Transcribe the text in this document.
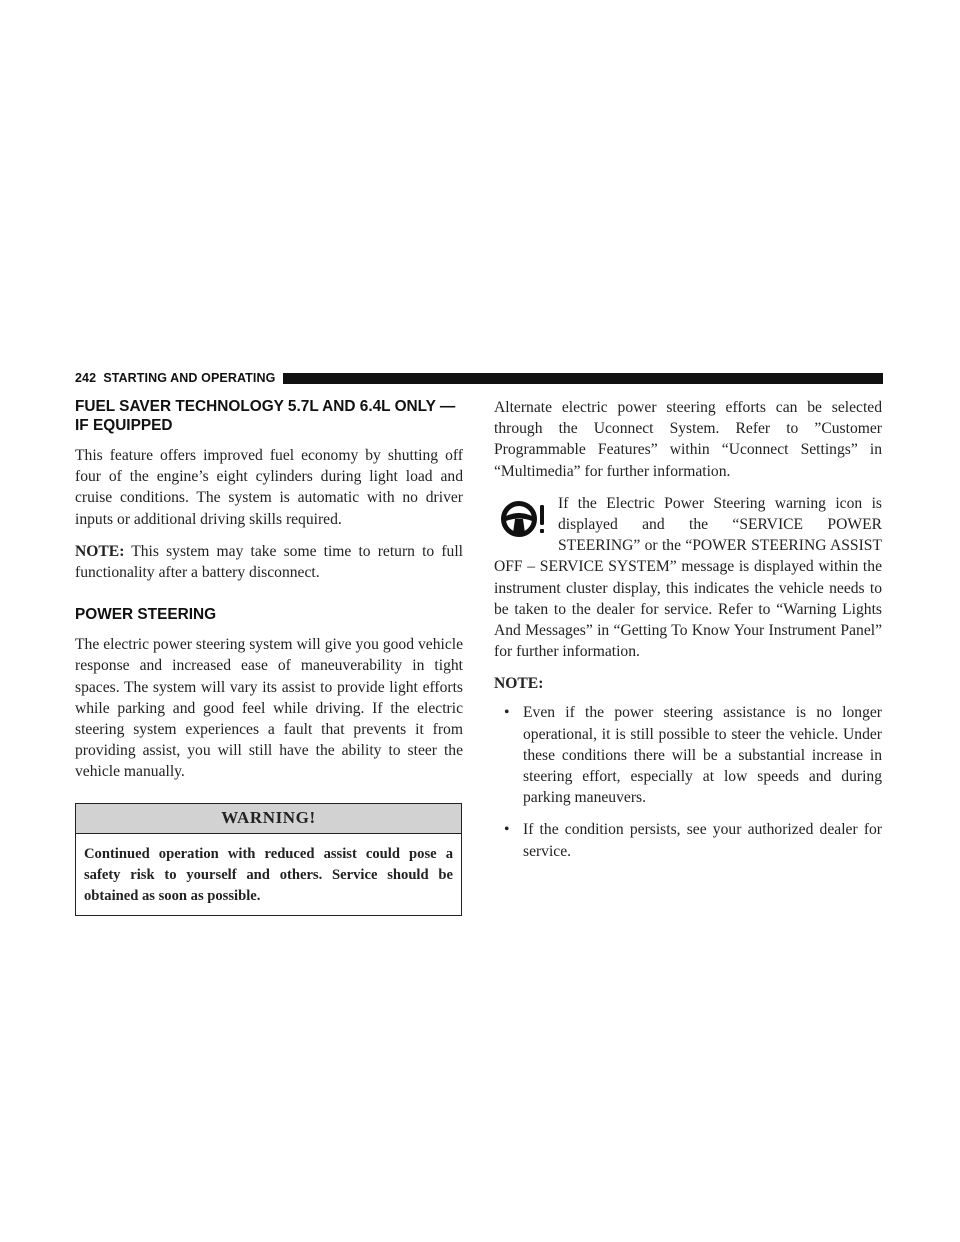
242 STARTING AND OPERATING
FUEL SAVER TECHNOLOGY 5.7L AND 6.4L ONLY — IF EQUIPPED

This feature offers improved fuel economy by shutting off four of the engine’s eight cylinders during light load and cruise conditions. The system is automatic with no driver inputs or additional driving skills required.

NOTE: This system may take some time to return to full functionality after a battery disconnect.

POWER STEERING

The electric power steering system will give you good vehicle response and increased ease of maneuverability in tight spaces. The system will vary its assist to provide light efforts while parking and good feel while driving. If the electric steering system experiences a fault that prevents it from providing assist, you will still have the ability to steer the vehicle manually.

WARNING!
Continued operation with reduced assist could pose a safety risk to yourself and others. Service should be obtained as soon as possible.

Alternate electric power steering efforts can be selected through the Uconnect System. Refer to ”Customer Programmable Features” within “Uconnect Settings” in “Multimedia” for further information.

If the Electric Power Steering warning icon is displayed and the “SERVICE POWER STEERING” or the “POWER STEERING ASSIST OFF – SERVICE SYSTEM” message is displayed within the instrument cluster display, this indicates the vehicle needs to be taken to the dealer for service. Refer to “Warning Lights And Messages” in “Getting To Know Your Instrument Panel” for further information.

NOTE:
• Even if the power steering assistance is no longer operational, it is still possible to steer the vehicle. Under these conditions there will be a substantial increase in steering effort, especially at low speeds and during parking maneuvers.
• If the condition persists, see your authorized dealer for service.
